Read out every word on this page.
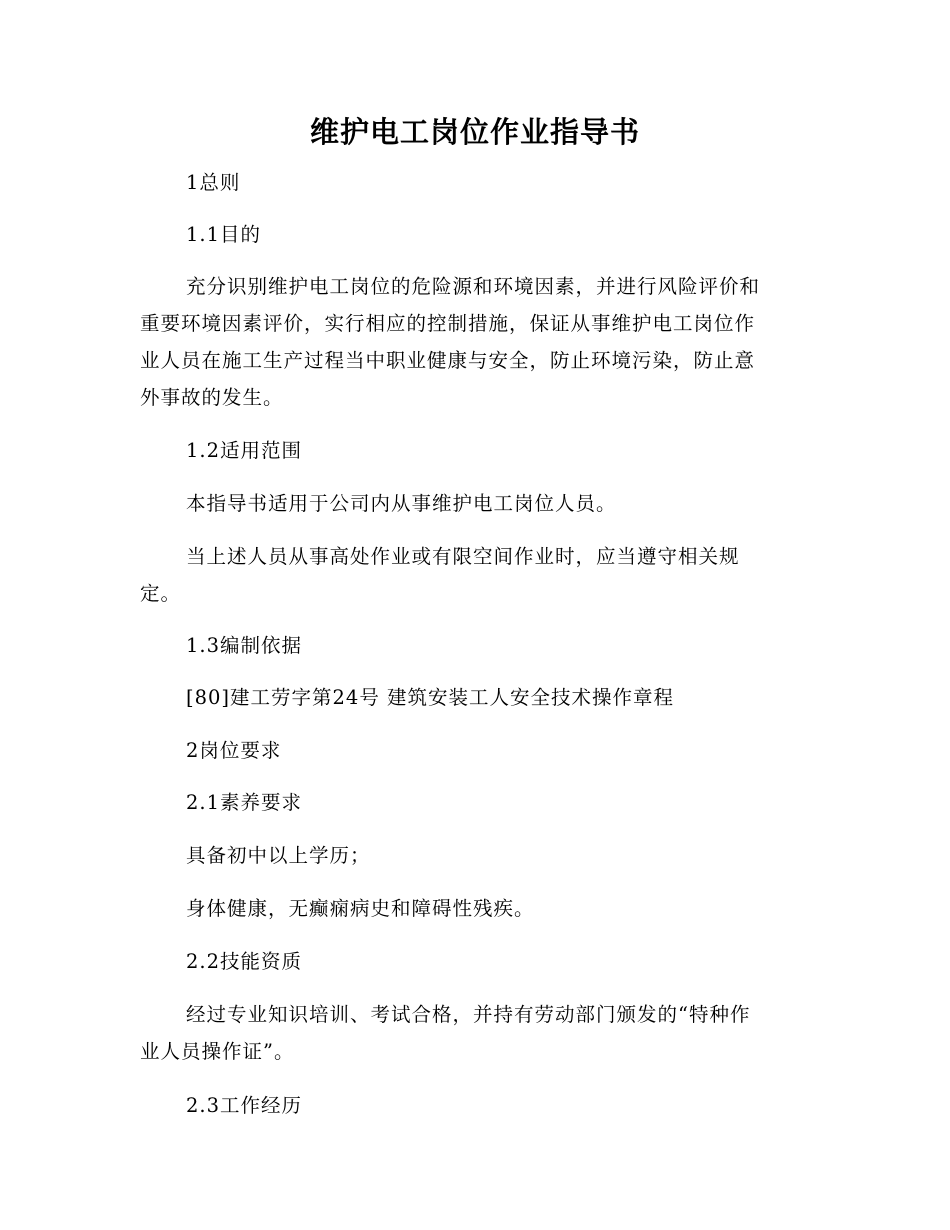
维护电工岗位作业指导书
1总则
1.1目的
充分识别维护电工岗位的危险源和环境因素，并进行风险评价和
重要环境因素评价，实行相应的控制措施，保证从事维护电工岗位作
业人员在施工生产过程当中职业健康与安全，防止环境污染，防止意
外事故的发生。
1.2适用范围
本指导书适用于公司内从事维护电工岗位人员。
当上述人员从事高处作业或有限空间作业时，应当遵守相关规
定。
1.3编制依据
[80]建工劳字第24号 建筑安装工人安全技术操作章程
2岗位要求
2.1素养要求
具备初中以上学历；
身体健康，无癫痫病史和障碍性残疾。
2.2技能资质
经过专业知识培训、考试合格，并持有劳动部门颁发的“特种作
业人员操作证”。
2.3工作经历
